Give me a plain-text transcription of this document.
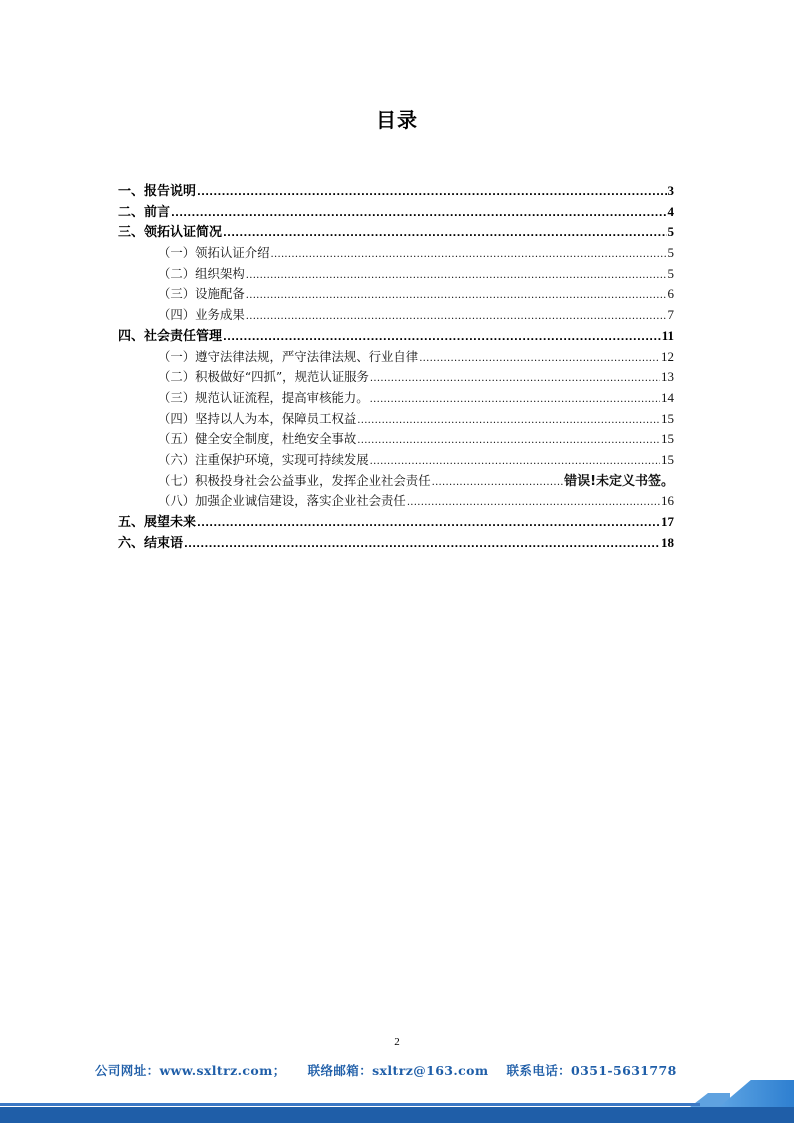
目录
一、报告说明 .....	3
二、前言 .....	4
三、领拓认证简况 .....	5
（一）领拓认证介绍 .....	5
（二）组织架构 .....	5
（三）设施配备 .....	6
（四）业务成果 .....	7
四、社会责任管理 .....	11
（一）遵守法律法规，严守法律法规、行业自律 .....	12
（二）积极做好“四抓”，规范认证服务 .....	13
（三）规范认证流程，提高审核能力。 .....	14
（四）坚持以人为本，保障员工权益 .....	15
（五）健全安全制度，杜绝安全事故 .....	15
（六）注重保护环境，实现可持续发展 .....	15
（七）积极投身社会公益事业，发挥企业社会责任 .....	错误!未定义书签。
（八）加强企业诚信建设，落实企业社会责任 .....	16
五、展望未来 .....	17
六、结束语 .....	18
2
公司网址：www.sxltrz.com； 联络邮箱：sxltrz@163.com 联系电话：0351-5631778
